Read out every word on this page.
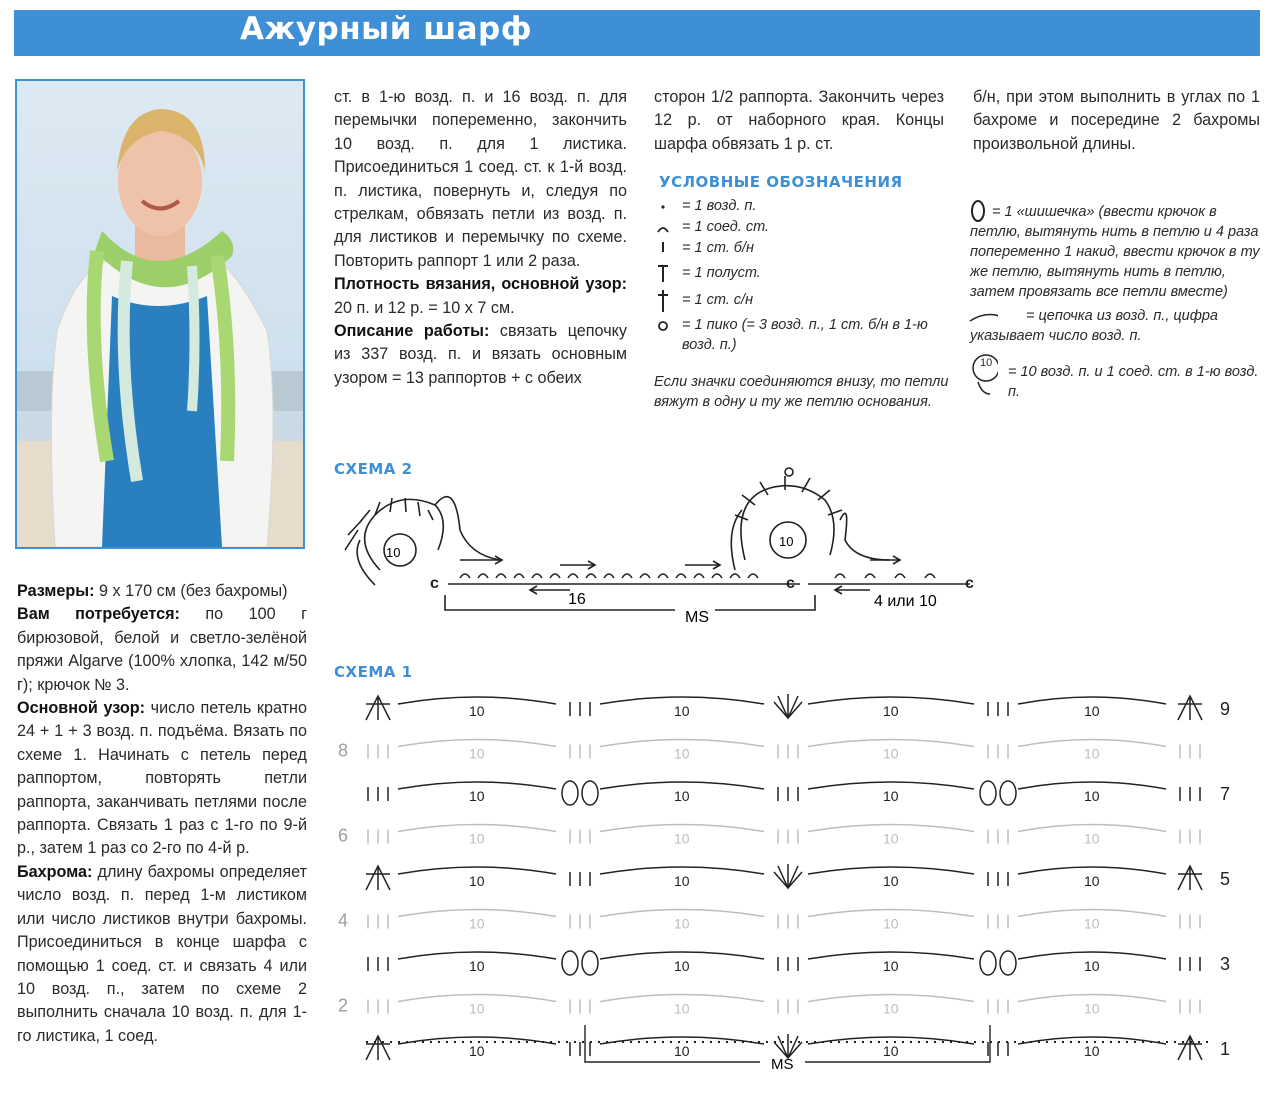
Ажурный шарф
Размеры: 9 x 170 см (без бахромы)
Вам потребуется: по 100 г бирюзовой, белой и светло-зелёной пряжи Algarve (100% хлопка, 142 м/50 г); крючок № 3.
Основной узор: число петель кратно 24 + 1 + 3 возд. п. подъёма. Вязать по схеме 1. Начинать с петель перед раппортом, повторять петли раппорта, заканчивать петлями после раппорта. Связать 1 раз с 1-го по 9-й р., затем 1 раз со 2-го по 4-й р.
Бахрома: длину бахромы определяет число возд. п. перед 1-м листиком или число листиков внутри бахромы. Присоединиться в конце шарфа с помощью 1 соед. ст. и связать 4 или 10 возд. п., затем по схеме 2 выполнить сначала 10 возд. п. для 1-го листика, 1 соед.
ст. в 1-ю возд. п. и 16 возд. п. для перемычки попеременно, закончить 10 возд. п. для 1 листика. Присоединиться 1 соед. ст. к 1-й возд. п. листика, повернуть и, следуя по стрелкам, обвязать петли из возд. п. для листиков и перемычку по схеме. Повторить раппорт 1 или 2 раза.
Плотность вязания, основной узор: 20 п. и 12 р. = 10 х 7 см.
Описание работы: связать цепочку из 337 возд. п. и вязать основным узором = 13 раппортов + с обеих
сторон 1/2 раппорта. Закончить через 12 р. от наборного края. Концы шарфа обвязать 1 р. ст.
б/н, при этом выполнить в углах по 1 бахроме и посередине 2 бахромы произвольной длины.
УСЛОВНЫЕ ОБОЗНАЧЕНИЯ
= 1 возд. п.
= 1 соед. ст.
= 1 ст. б/н
= 1 полуст.
= 1 ст. с/н
= 1 пико (= 3 возд. п., 1 ст. б/н в 1-ю возд. п.)
Если значки соединяются внизу, то петли вяжут в одну и ту же петлю основания.
10
= 1 «шишечка» (ввести крючок в петлю, вытянуть нить в петлю и 4 раза попеременно 1 накид, ввести крючок в ту же петлю, вытянуть нить в петлю, затем провязать все петли вместе)
= цепочка из возд. п., цифра указывает число возд. п.
= 10 возд. п. и 1 соед. ст. в 1-ю возд. п.
СХЕМА 2
10
10
16	4 или 10
MS
c
c	c
СХЕМА 1
10	10	10	10
10	10	10	10
10	10	10	10
10	10	10	10
10	10	10	10
10	10	10	10
10	10	10	10
10	10	10	10
10	10	10	10
MS
8
6
4
2
9
7
5
3
1
